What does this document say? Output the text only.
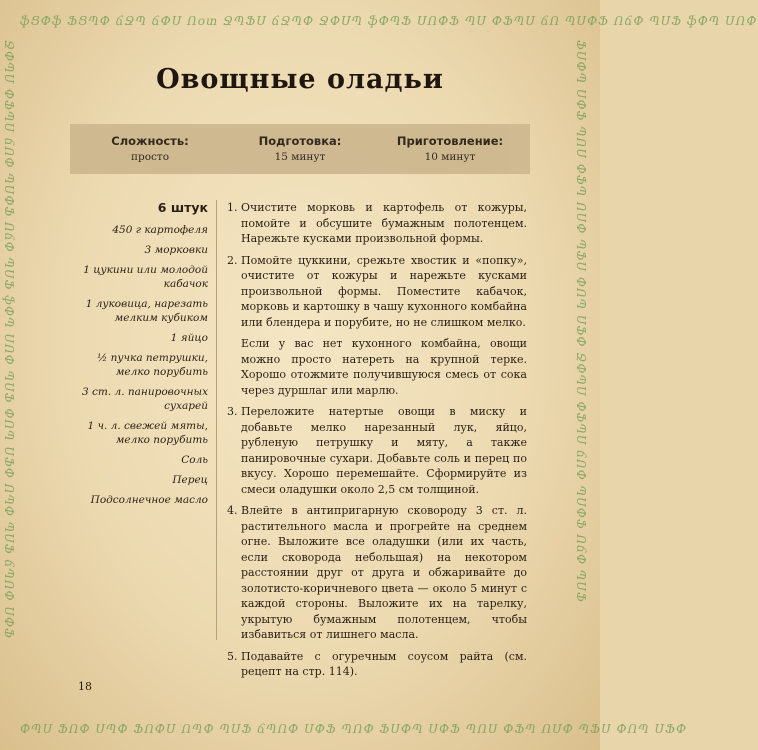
ֆՑՓֆ ՖՑՊՓ ճՋՊ ճՓՍ Ոօտ ՋՊՖՍ ճՋՊՓ ՋՓՍՊ ֆՓՊՖ ՍՈՓՖ ՊՍ ՓՖՊՍ ճՈ ՊՍՓՖ ՈճՓ ՊՍՖ ֆՓՊ ՍՈՓ
ՓՊՍ ՖՈՓ ՍՊՓ ՖՈՓՍ ՈՊՓ ՊՍՖ ճՊՈՓ ՍՓՖ ՊՈՓ ՖՍՓՊ ՍՓՖ ՊՈՍ ՓՖՊ ՈՍՓ ՊՖՍ ՓՈՊ ՍՖՓ
ՋՓՊՍ ՓՖՊՍ ճՈՓ ՊՍՓՖ ՈճՓ ՊՍՖ ֆՓՊ ՍՈՓ ՊՍՖ ՓՈՊ ՍՖՓ ՈՊՓ ՊՍՖ ճՊՈՓ ՍՓՖ	ՖՍՓՊ ՍՓՖ ՊՈՍ ՓՖՊ ՈՍՓ ՊՖՍ ՓՈՊ ՍՖՓ ՋՓՊՍ ՓՖՊՍ ճՈՓ ՊՍՓՖ ՈճՓ ՊՍՖ
Овощные оладьи
Сложность:
просто
Подготовка:
15 минут
Приготовление:
10 минут
6 штук
450 г картофеля
3 морковки
1 цукини или молодой кабачок
1 луковица, нарезать мелким кубиком
1 яйцо
½ пучка петрушки, мелко порубить
3 ст. л. панировочных сухарей
1 ч. л. свежей мяты, мелко порубить
Соль
Перец
Подсолнечное масло
1. Очистите морковь и картофель от кожуры, помойте и обсушите бумажным полотенцем. Нарежьте кусками произвольной формы.
2. Помойте цуккини, срежьте хвостик и «попку», очистите от кожуры и нарежьте кусками произвольной формы. Поместите кабачок, морковь и картошку в чашу кухонного комбайна или блендера и порубите, но не слишком мелко.
Если у вас нет кухонного комбайна, овощи можно просто натереть на крупной терке. Хорошо отожмите получившуюся смесь от сока через дуршлаг или марлю.
3. Переложите натертые овощи в миску и добавьте мелко нарезанный лук, яйцо, рубленую петрушку и мяту, а также панировочные сухари. Добавьте соль и перец по вкусу. Хорошо перемешайте. Сформируйте из смеси оладушки около 2,5 см толщиной.
4. Влейте в антипригарную сковороду 3 ст. л. растительного масла и прогрейте на среднем огне. Выложите все оладушки (или их часть, если сковорода небольшая) на некотором расстоянии друг от друга и обжаривайте до золотисто-коричневого цвета — около 5 минут с каждой стороны. Выложите их на тарелку, укрытую бумажным полотенцем, чтобы избавиться от лишнего масла.
5. Подавайте с огуречным соусом райта (см. рецепт на стр. 114).
18
